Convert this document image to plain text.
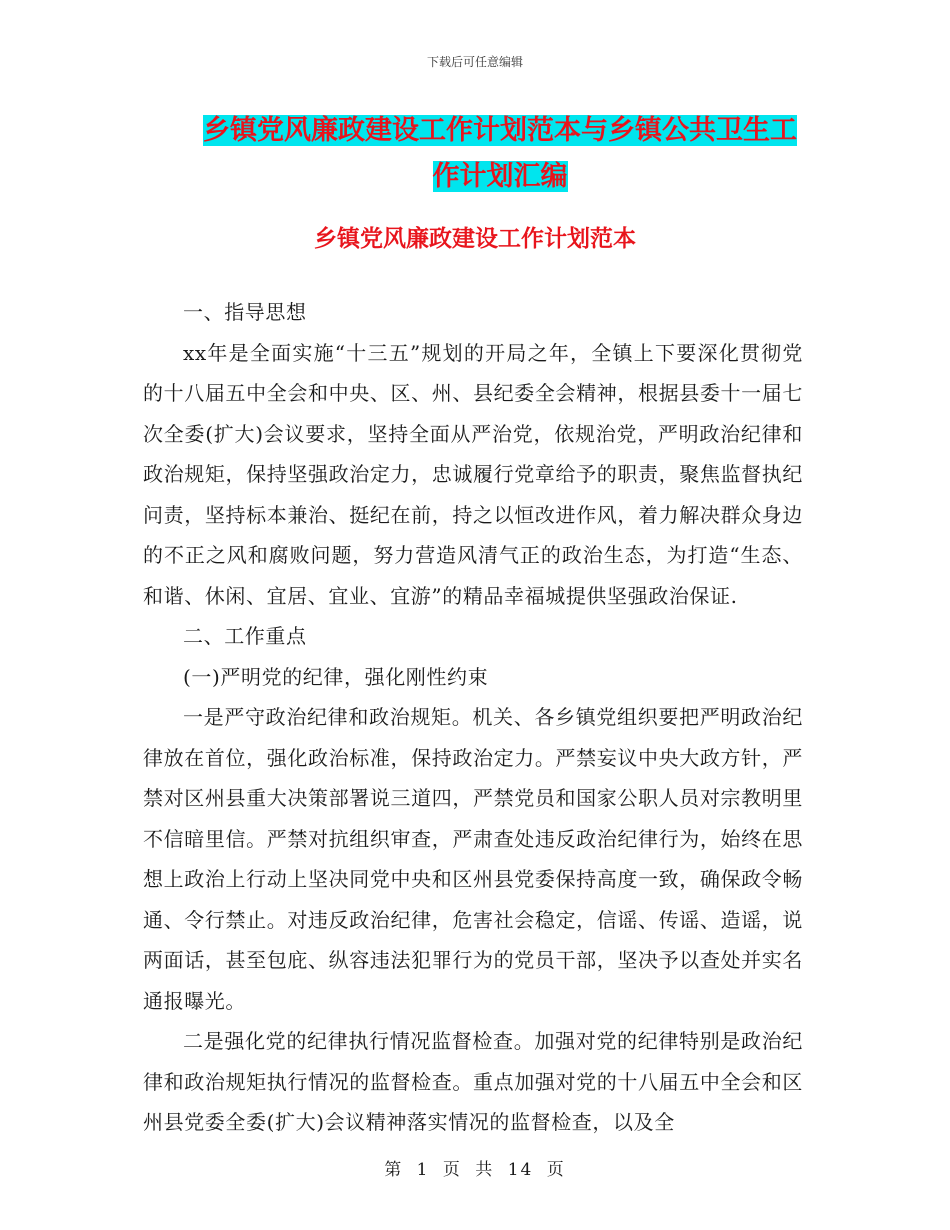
下载后可任意编辑
乡镇党风廉政建设工作计划范本与乡镇公共卫生工作计划汇编
乡镇党风廉政建设工作计划范本

一、指导思想

xx年是全面实施“十三五”规划的开局之年，全镇上下要深化贯彻党的十八届五中全会和中央、区、州、县纪委全会精神，根据县委十一届七次全委(扩大)会议要求，坚持全面从严治党，依规治党，严明政治纪律和政治规矩，保持坚强政治定力，忠诚履行党章给予的职责，聚焦监督执纪问责，坚持标本兼治、挺纪在前，持之以恒改进作风，着力解决群众身边的不正之风和腐败问题，努力营造风清气正的政治生态，为打造“生态、和谐、休闲、宜居、宜业、宜游”的精品幸福城提供坚强政治保证.

二、工作重点

(一)严明党的纪律，强化刚性约束

一是严守政治纪律和政治规矩。机关、各乡镇党组织要把严明政治纪律放在首位，强化政治标准，保持政治定力。严禁妄议中央大政方针，严禁对区州县重大决策部署说三道四，严禁党员和国家公职人员对宗教明里不信暗里信。严禁对抗组织审查，严肃查处违反政治纪律行为，始终在思想上政治上行动上坚决同党中央和区州县党委保持高度一致，确保政令畅通、令行禁止。对违反政治纪律，危害社会稳定，信谣、传谣、造谣，说两面话，甚至包庇、纵容违法犯罪行为的党员干部，坚决予以查处并实名通报曝光。

二是强化党的纪律执行情况监督检查。加强对党的纪律特别是政治纪律和政治规矩执行情况的监督检查。重点加强对党的十八届五中全会和区州县党委全委(扩大)会议精神落实情况的监督检查，以及全

第 1 页 共 14 页
